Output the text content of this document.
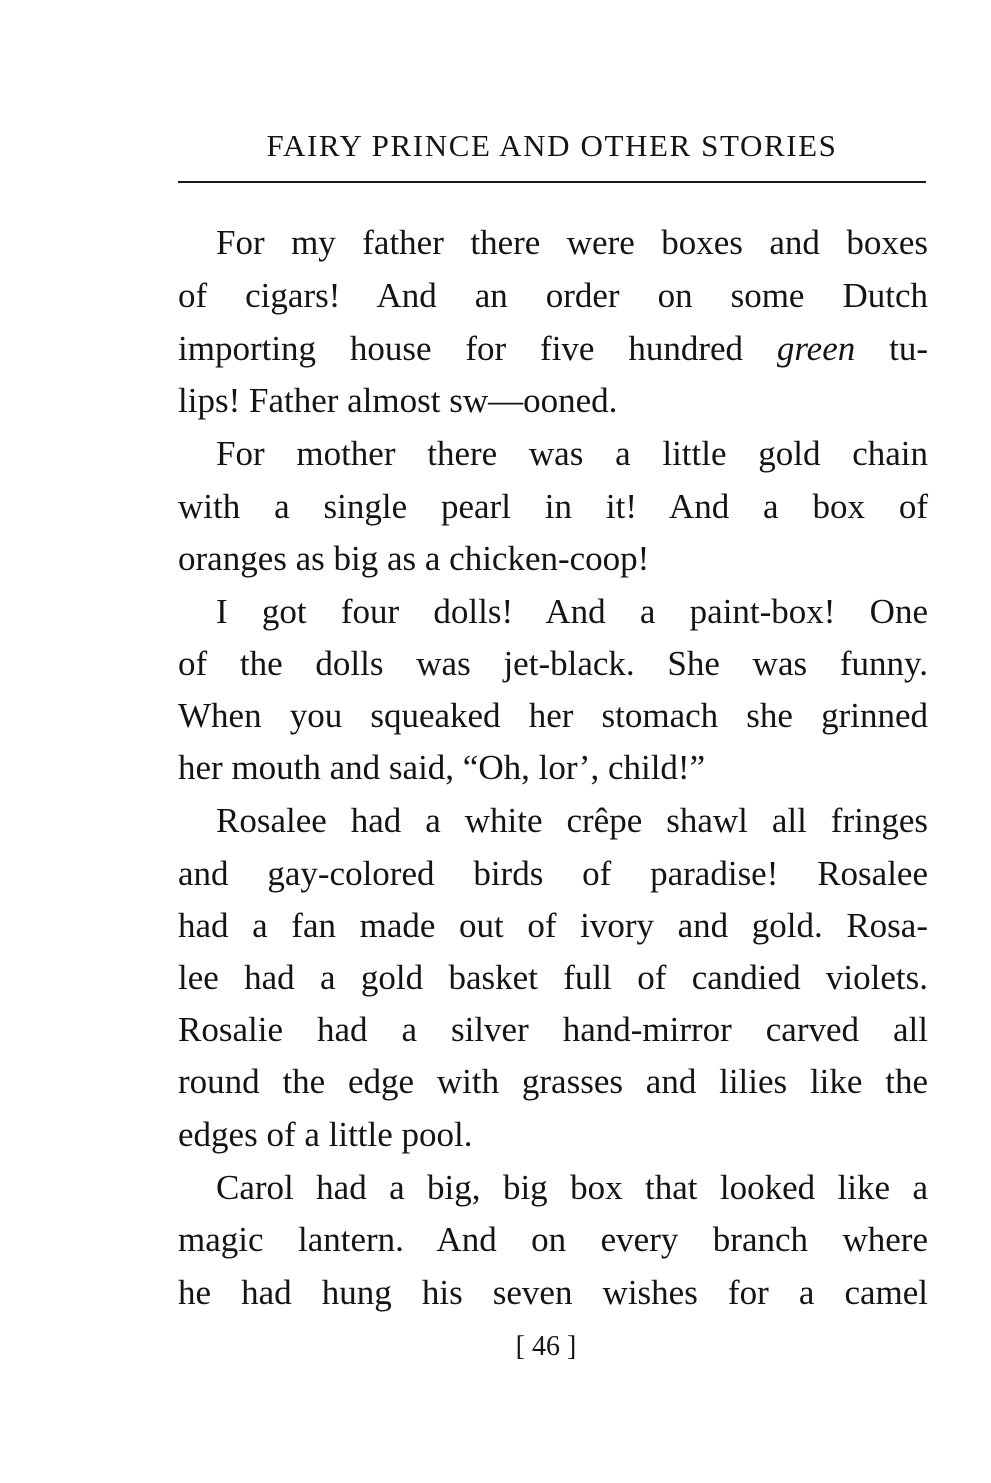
FAIRY PRINCE AND OTHER STORIES
For my father there were boxes and boxes
of cigars! And an order on some Dutch
importing house for five hundred green tu-
lips! Father almost sw—ooned.
For mother there was a little gold chain
with a single pearl in it! And a box of
oranges as big as a chicken-coop!
I got four dolls! And a paint-box! One
of the dolls was jet-black. She was funny.
When you squeaked her stomach she grinned
her mouth and said, “Oh, lor’, child!”
Rosalee had a white crêpe shawl all fringes
and gay-colored birds of paradise! Rosalee
had a fan made out of ivory and gold. Rosa-
lee had a gold basket full of candied violets.
Rosalie had a silver hand-mirror carved all
round the edge with grasses and lilies like the
edges of a little pool.
Carol had a big, big box that looked like a
magic lantern. And on every branch where
he had hung his seven wishes for a camel
[ 46 ]
